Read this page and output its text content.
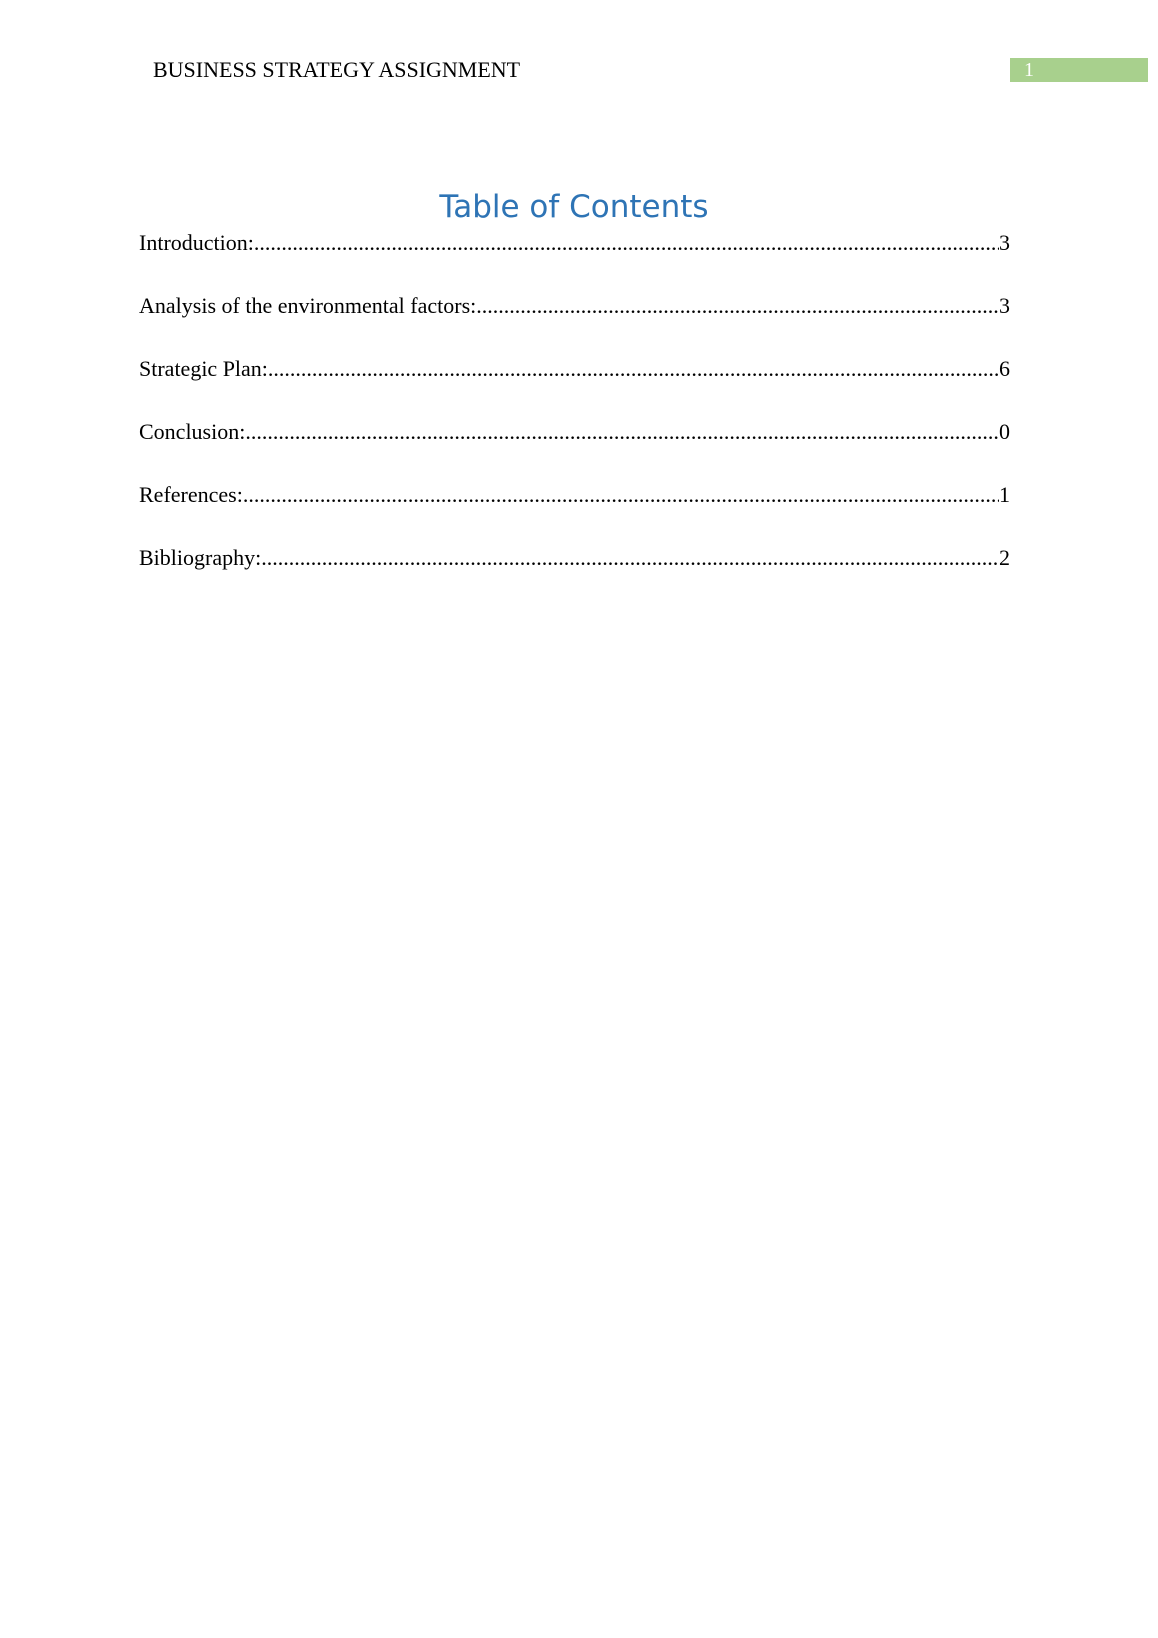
BUSINESS STRATEGY ASSIGNMENT	1
Table of Contents
Introduction: .....	3
Analysis of the environmental factors: .....	3
Strategic Plan: .....	6
Conclusion: .....	0
References: .....	1
Bibliography: .....	2
